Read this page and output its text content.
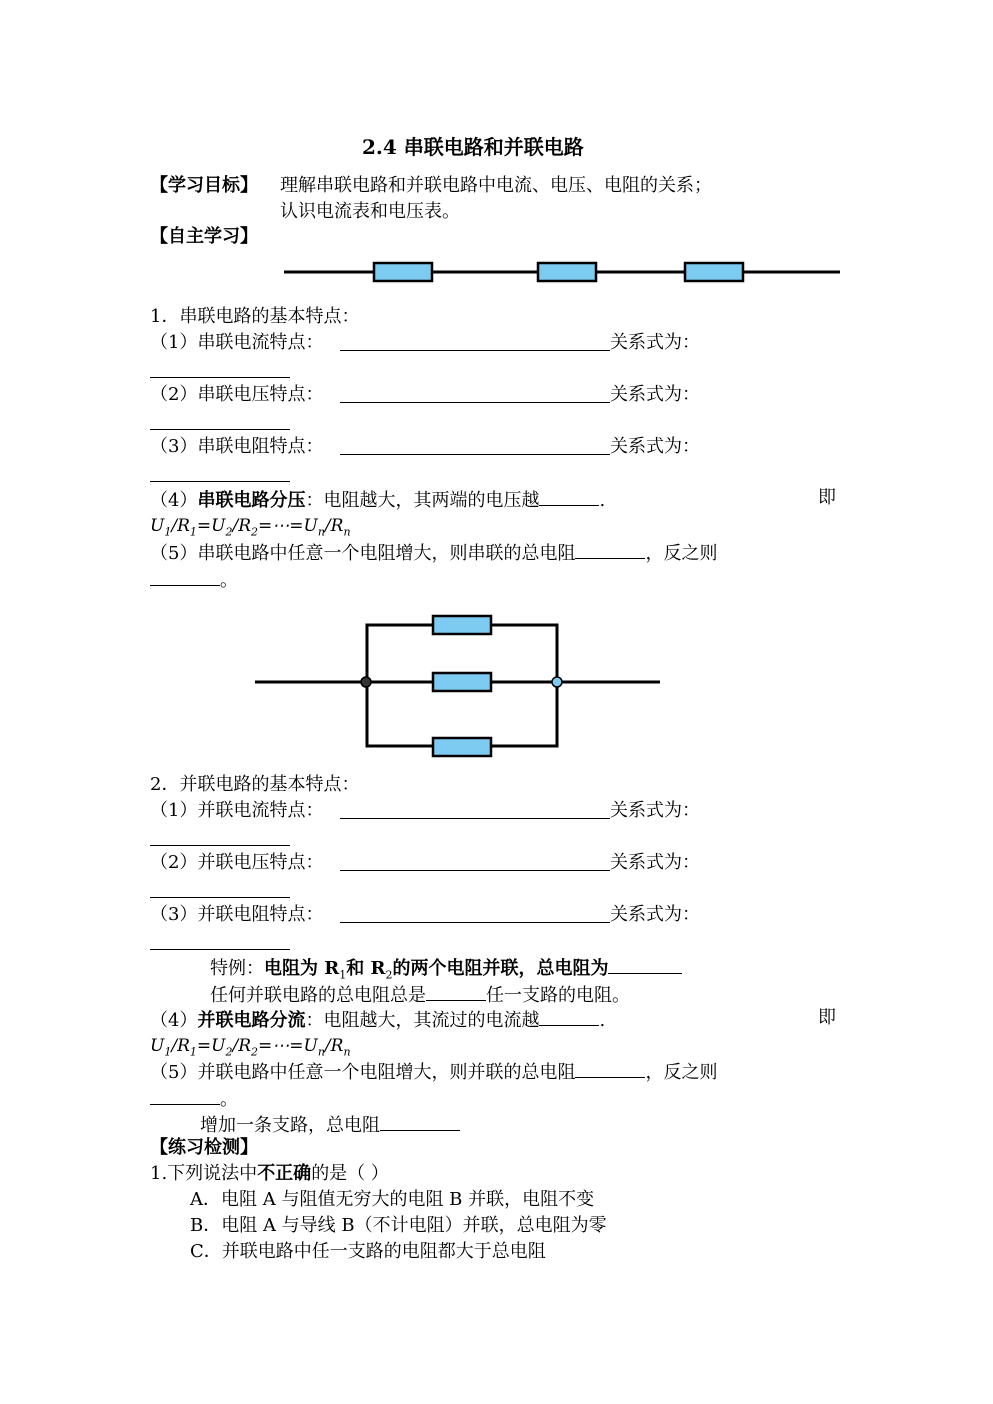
2.4 串联电路和并联电路
【学习目标】 理解串联电路和并联电路中电流、电压、电阻的关系；
认识电流表和电压表。
【自主学习】
1．串联电路的基本特点：
（1）串联电流特点：	关系式为：
（2）串联电压特点：	关系式为：
（3）串联电阻特点：	关系式为：
（4）串联电路分压：电阻越大，其两端的电压越	.	即
$U_1/R_1=U_2/R_2=\cdots=U_n/R_n$
（5）串联电路中任意一个电阻增大，则串联的总电阻	，反之则
。
2．并联电路的基本特点：
（1）并联电流特点：	关系式为：
（2）并联电压特点：	关系式为：
（3）并联电阻特点：	关系式为：
特例：电阻为 $R_1$和 $R_2$的两个电阻并联，总电阻为
任何并联电路的总电阻总是	任一支路的电阻。
（4）并联电路分流：电阻越大，其流过的电流越	.	即
$U_1/R_1=U_2/R_2=\cdots=U_n/R_n$
（5）并联电路中任意一个电阻增大，则并联的总电阻	，反之则
。
增加一条支路，总电阻
【练习检测】
1.下列说法中不正确的是（ ）
A．电阻 A 与阻值无穷大的电阻 B 并联，电阻不变
B．电阻 A 与导线 B（不计电阻）并联，总电阻为零
C．并联电路中任一支路的电阻都大于总电阻
